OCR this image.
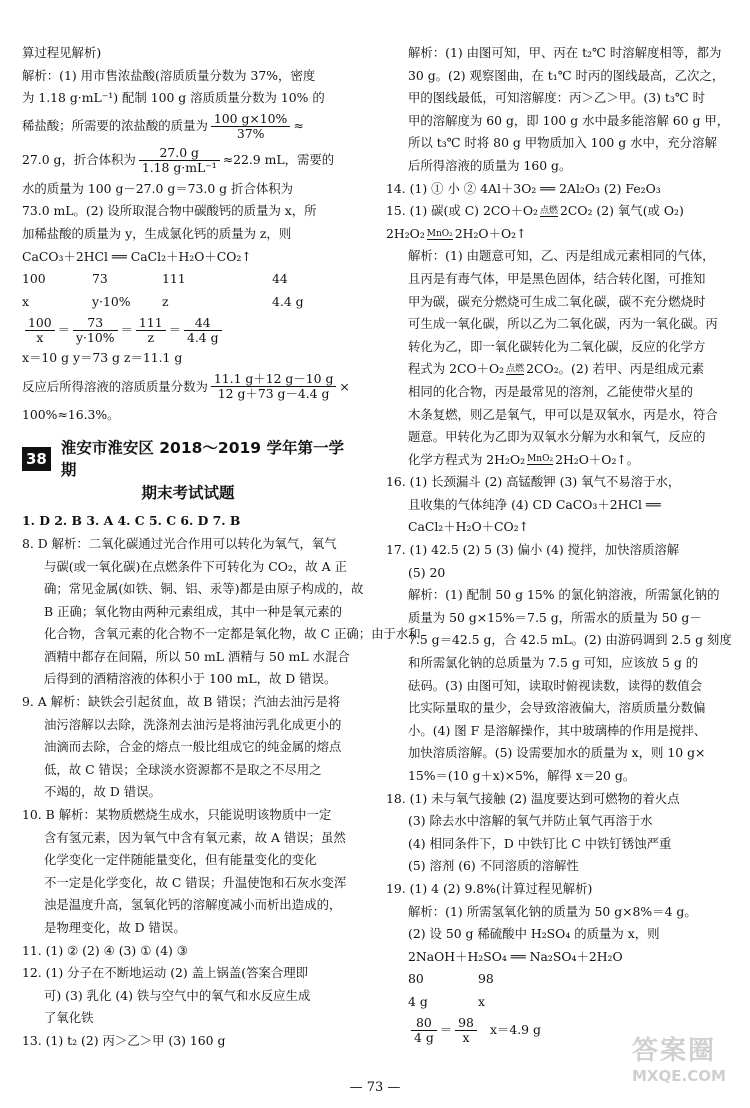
算过程见解析)
解析：(1) 用市售浓盐酸(溶质质量分数为 37%，密度
为 1.18 g·mL⁻¹) 配制 100 g 溶质质量分数为 10% 的
稀盐酸；所需要的浓盐酸的质量为 $\frac{100 g\times 10\%}{37\%}$ ≈
27.0 g，折合体积为 $\frac{27.0 g}{\text{1.18 g·mL⁻¹}} \approx 22.9$ mL，需要的
水的质量为 100 g－27.0 g＝73.0 g 折合体积为
73.0 mL。(2) 设所取混合物中碳酸钙的质量为 x，所
加稀盐酸的质量为 y，生成氯化钙的质量为 z，则
CaCO₃＋2HCl ══ CaCl₂＋H₂O＋CO₂↑
100	73	111	44
x	y·10%	z	4.4 g
$\frac{100}{x} = \frac{73}{y\cdot 10\%} = \frac{111}{z} = \frac{44}{4.4 g}$
x＝10 g y＝73 g z＝11.1 g
反应后所得溶液的溶质质量分数为 $\frac{11.1 g+12 g-10 g}{12 g+73 g-4.4 g}$ ×
100%≈16.3%。
38
淮安市淮安区 2018～2019 学年第一学期
期末考试试题
1. D 2. B 3. A 4. C 5. C 6. D 7. B
8. D 解析：二氧化碳通过光合作用可以转化为氧气，氧气
与碳(或一氧化碳)在点燃条件下可转化为 CO₂，故 A 正
确；常见金属(如铁、铜、铝、汞等)都是由原子构成的，故
B 正确；氧化物由两种元素组成，其中一种是氧元素的
化合物，含氧元素的化合物不一定都是氧化物，故 C 正确；由于水和
酒精中都存在间隔，所以 50 mL 酒精与 50 mL 水混合
后得到的酒精溶液的体积小于 100 mL，故 D 错误。
9. A 解析：缺铁会引起贫血，故 B 错误；汽油去油污是将
油污溶解以去除，洗涤剂去油污是将油污乳化成更小的
油滴而去除，合金的熔点一般比组成它的纯金属的熔点
低，故 C 错误；全球淡水资源都不是取之不尽用之
不竭的，故 D 错误。
10. B 解析：某物质燃烧生成水，只能说明该物质中一定
含有氢元素，因为氧气中含有氧元素，故 A 错误；虽然
化学变化一定伴随能量变化，但有能量变化的变化
不一定是化学变化，故 C 错误；升温使饱和石灰水变浑
浊是温度升高，氢氧化钙的溶解度减小而析出造成的，
是物理变化，故 D 错误。
11. (1) ② (2) ④ (3) ① (4) ③
12. (1) 分子在不断地运动 (2) 盖上锅盖(答案合理即
可) (3) 乳化 (4) 铁与空气中的氧气和水反应生成
了氧化铁
13. (1) t₂ (2) 丙＞乙＞甲 (3) 160 g
解析：(1) 由图可知，甲、丙在 t₂℃ 时溶解度相等，都为
30 g。(2) 观察图曲，在 t₁℃ 时丙的图线最高，乙次之，
甲的图线最低，可知溶解度：丙＞乙＞甲。(3) t₃℃ 时
甲的溶解度为 60 g，即 100 g 水中最多能溶解 60 g 甲，
所以 t₃℃ 时将 80 g 甲物质加入 100 g 水中，充分溶解
后所得溶液的质量为 160 g。
14. (1) ① 小 ② 4Al＋3O₂ ══ 2Al₂O₃ (2) Fe₂O₃
15. (1) 碳(或 C) 2CO＋O₂ 点燃 2CO₂ (2) 氧气(或 O₂)
2H₂O₂ MnO₂ 2H₂O＋O₂↑
解析：(1) 由题意可知，乙、丙是组成元素相同的气体，
且丙是有毒气体，甲是黑色固体，结合转化图，可推知
甲为碳，碳充分燃烧可生成二氧化碳，碳不充分燃烧时
可生成一氧化碳，所以乙为二氧化碳，丙为一氧化碳。丙
转化为乙，即一氧化碳转化为二氧化碳，反应的化学方
程式为 2CO＋O₂ 点燃 2CO₂。(2) 若甲、丙是组成元素
相同的化合物，丙是最常见的溶剂，乙能使带火星的
木条复燃，则乙是氧气，甲可以是双氧水，丙是水，符合
题意。甲转化为乙即为双氧水分解为水和氧气，反应的
化学方程式为 2H₂O₂ MnO₂ 2H₂O＋O₂↑。
16. (1) 长颈漏斗 (2) 高锰酸钾 (3) 氧气不易溶于水，
且收集的气体纯净 (4) CD CaCO₃＋2HCl ══
CaCl₂＋H₂O＋CO₂↑
17. (1) 42.5 (2) 5 (3) 偏小 (4) 搅拌，加快溶质溶解
(5) 20
解析：(1) 配制 50 g 15% 的氯化钠溶液，所需氯化钠的
质量为 50 g×15%＝7.5 g，所需水的质量为 50 g－
7.5 g＝42.5 g，合 42.5 mL。(2) 由游码调到 2.5 g 刻度
和所需氯化钠的总质量为 7.5 g 可知，应该放 5 g 的
砝码。(3) 由图可知，读取时俯视读数，读得的数值会
比实际量取的量少，会导致溶液偏大，溶质质量分数偏
小。(4) 图 F 是溶解操作，其中玻璃棒的作用是搅拌、
加快溶质溶解。(5) 设需要加水的质量为 x，则 10 g×
15%＝(10 g＋x)×5%，解得 x＝20 g。
18. (1) 未与氧气接触 (2) 温度要达到可燃物的着火点
(3) 除去水中溶解的氧气并防止氧气再溶于水
(4) 相同条件下，D 中铁钉比 C 中铁钉锈蚀严重
(5) 溶剂 (6) 不同溶质的溶解性
19. (1) 4 (2) 9.8%(计算过程见解析)
解析：(1) 所需氢氧化钠的质量为 50 g×8%＝4 g。
(2) 设 50 g 稀硫酸中 H₂SO₄ 的质量为 x，则
2NaOH＋H₂SO₄ ══ Na₂SO₄＋2H₂O
80	98
4 g	x
$\frac{80}{4 g} = \frac{98}{x} x=4.9$ g
— 73 —
答案圈
MXQE.COM
